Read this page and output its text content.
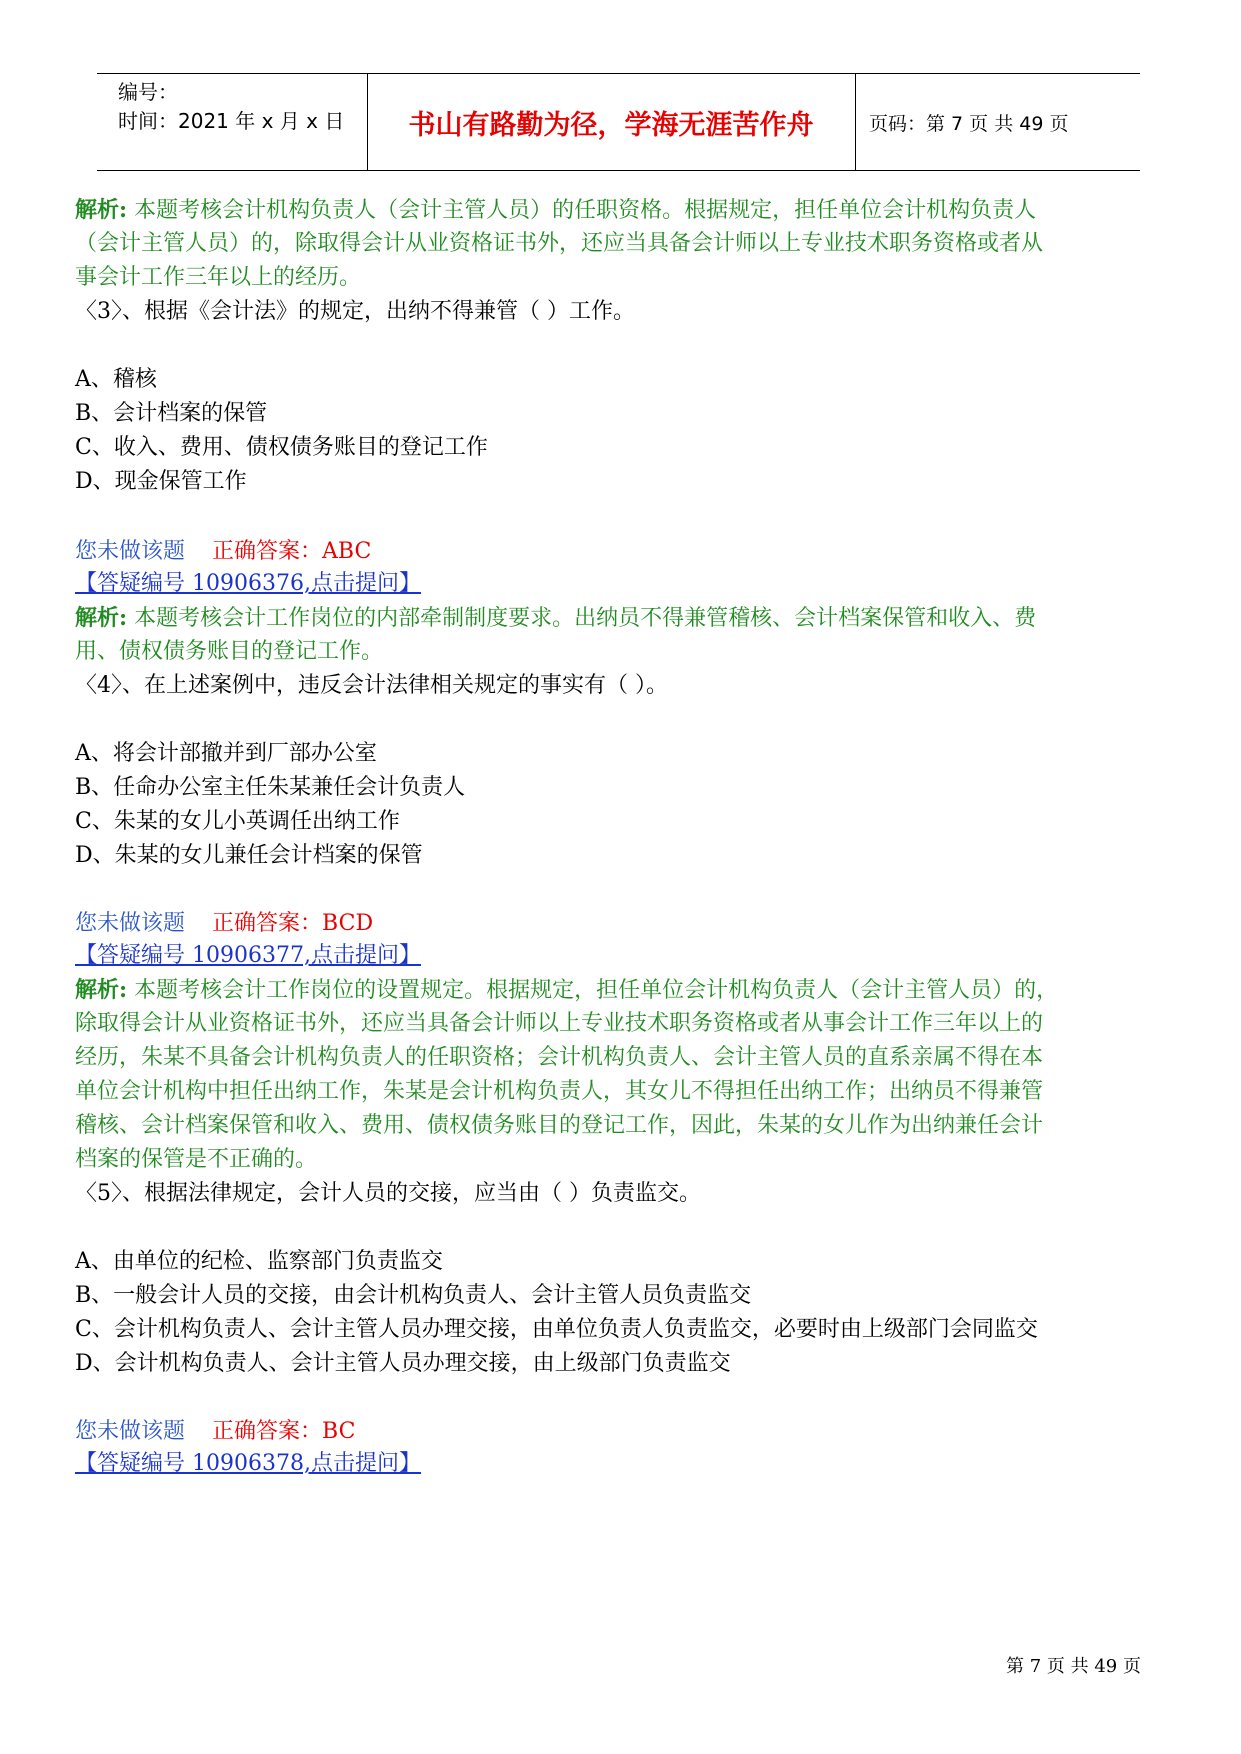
编号：
时间：2021 年 x 月 x 日	书山有路勤为径，学海无涯苦作舟	页码：第 7 页 共 49 页
解析: 本题考核会计机构负责人（会计主管人员）的任职资格。根据规定，担任单位会计机构负责人
（会计主管人员）的，除取得会计从业资格证书外，还应当具备会计师以上专业技术职务资格或者从
事会计工作三年以上的经历。
〈3〉、根据《会计法》的规定，出纳不得兼管（ ）工作。
A、稽核
B、会计档案的保管
C、收入、费用、债权债务账目的登记工作
D、现金保管工作
您未做该题 正确答案：ABC
【答疑编号 10906376,点击提问】
解析: 本题考核会计工作岗位的内部牵制制度要求。出纳员不得兼管稽核、会计档案保管和收入、费
用、债权债务账目的登记工作。
〈4〉、在上述案例中，违反会计法律相关规定的事实有（ ）。
A、将会计部撤并到厂部办公室
B、任命办公室主任朱某兼任会计负责人
C、朱某的女儿小英调任出纳工作
D、朱某的女儿兼任会计档案的保管
您未做该题 正确答案：BCD
【答疑编号 10906377,点击提问】
解析: 本题考核会计工作岗位的设置规定。根据规定，担任单位会计机构负责人（会计主管人员）的，
除取得会计从业资格证书外，还应当具备会计师以上专业技术职务资格或者从事会计工作三年以上的
经历，朱某不具备会计机构负责人的任职资格；会计机构负责人、会计主管人员的直系亲属不得在本
单位会计机构中担任出纳工作，朱某是会计机构负责人，其女儿不得担任出纳工作；出纳员不得兼管
稽核、会计档案保管和收入、费用、债权债务账目的登记工作，因此，朱某的女儿作为出纳兼任会计
档案的保管是不正确的。
〈5〉、根据法律规定，会计人员的交接，应当由（ ）负责监交。
A、由单位的纪检、监察部门负责监交
B、一般会计人员的交接，由会计机构负责人、会计主管人员负责监交
C、会计机构负责人、会计主管人员办理交接，由单位负责人负责监交，必要时由上级部门会同监交
D、会计机构负责人、会计主管人员办理交接，由上级部门负责监交
您未做该题 正确答案：BC
【答疑编号 10906378,点击提问】
第 7 页 共 49 页
